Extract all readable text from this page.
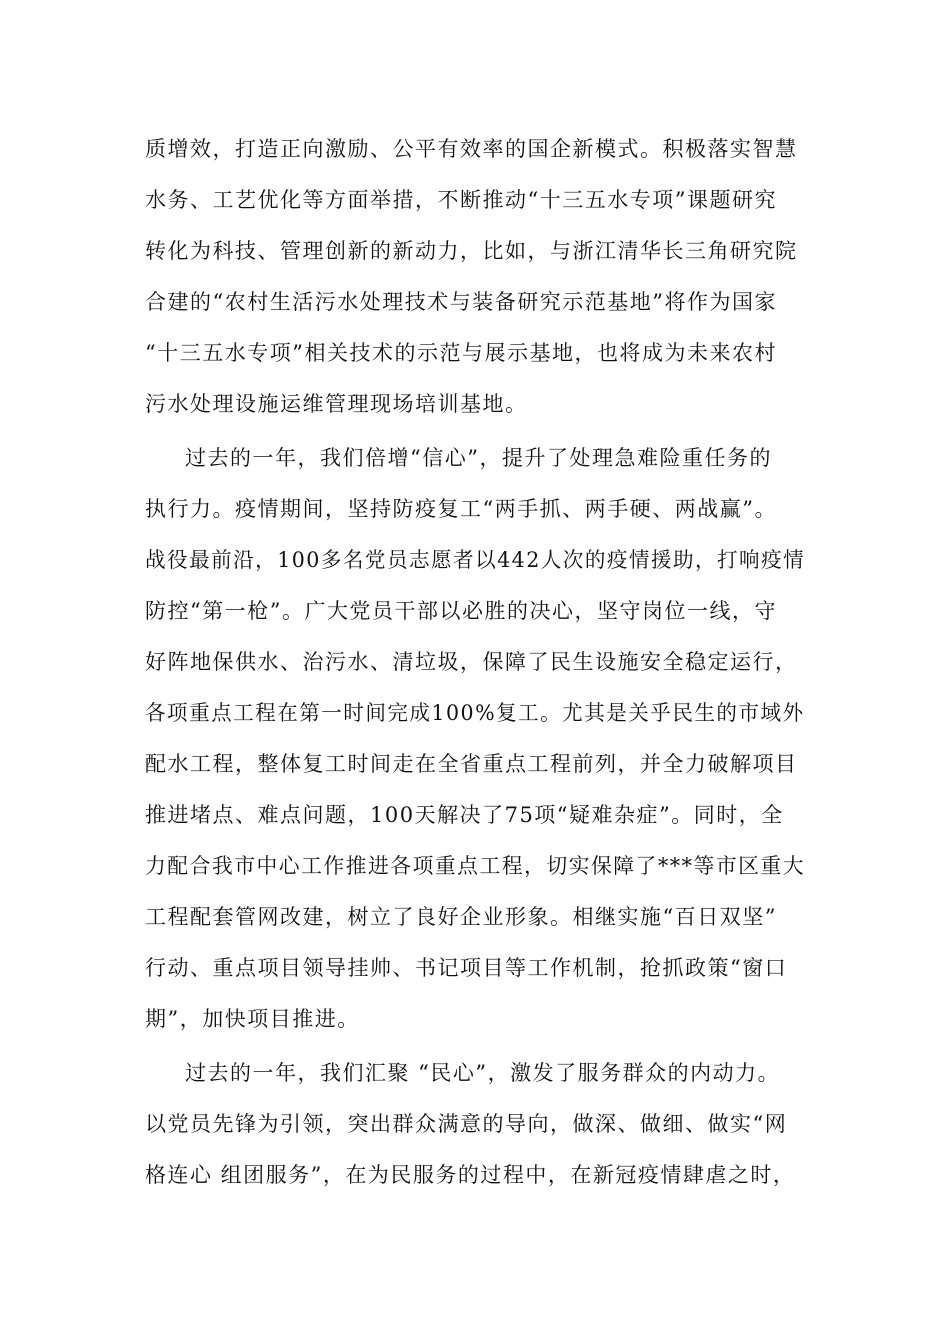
质增效，打造正向激励、公平有效率的国企新模式。积极落实智慧
水务、工艺优化等方面举措，不断推动“十三五水专项”课题研究
转化为科技、管理创新的新动力，比如，与浙江清华长三角研究院
合建的“农村生活污水处理技术与装备研究示范基地”将作为国家
“十三五水专项”相关技术的示范与展示基地，也将成为未来农村
污水处理设施运维管理现场培训基地。
过去的一年，我们倍增“信心”，提升了处理急难险重任务的
执行力。疫情期间，坚持防疫复工“两手抓、两手硬、两战赢”。
战役最前沿，100多名党员志愿者以442人次的疫情援助，打响疫情
防控“第一枪”。广大党员干部以必胜的决心，坚守岗位一线，守
好阵地保供水、治污水、清垃圾，保障了民生设施安全稳定运行，
各项重点工程在第一时间完成100%复工。尤其是关乎民生的市域外
配水工程，整体复工时间走在全省重点工程前列，并全力破解项目
推进堵点、难点问题，100天解决了75项“疑难杂症”。同时，全
力配合我市中心工作推进各项重点工程，切实保障了***等市区重大
工程配套管网改建，树立了良好企业形象。相继实施“百日双坚”
行动、重点项目领导挂帅、书记项目等工作机制，抢抓政策“窗口
期”，加快项目推进。
过去的一年，我们汇聚 “民心”，激发了服务群众的内动力。
以党员先锋为引领，突出群众满意的导向，做深、做细、做实“网
格连心 组团服务”，在为民服务的过程中，在新冠疫情肆虐之时，
